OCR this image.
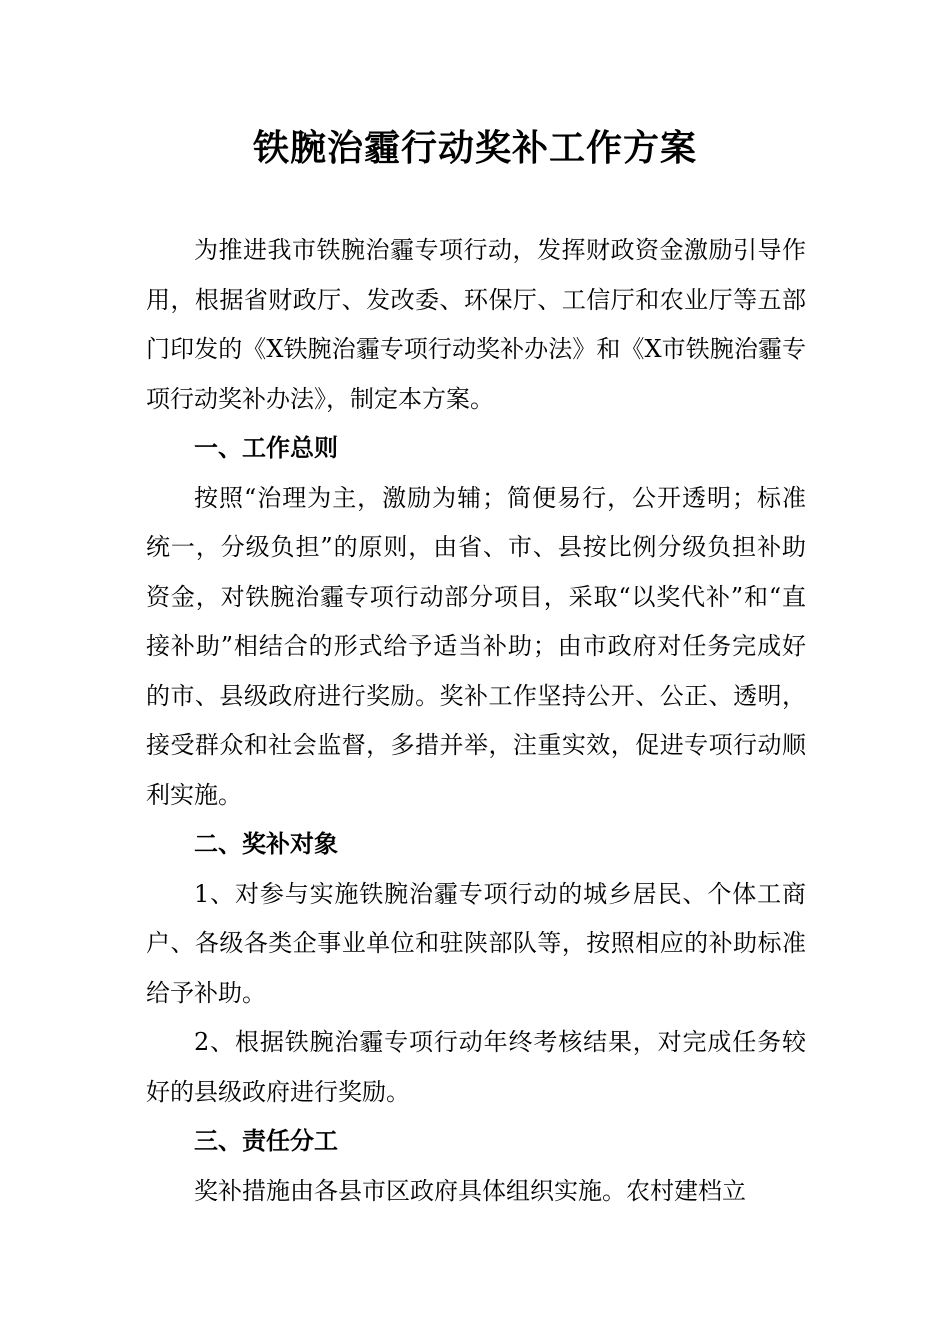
铁腕治霾行动奖补工作方案

为推进我市铁腕治霾专项行动，发挥财政资金激励引导作用，根据省财政厅、发改委、环保厅、工信厅和农业厅等五部门印发的《X铁腕治霾专项行动奖补办法》和《X市铁腕治霾专项行动奖补办法》，制定本方案。

一、工作总则

按照“治理为主，激励为辅；简便易行，公开透明；标准统一，分级负担”的原则，由省、市、县按比例分级负担补助资金，对铁腕治霾专项行动部分项目，采取“以奖代补”和“直接补助”相结合的形式给予适当补助；由市政府对任务完成好的市、县级政府进行奖励。奖补工作坚持公开、公正、透明，接受群众和社会监督，多措并举，注重实效，促进专项行动顺利实施。

二、奖补对象

1、对参与实施铁腕治霾专项行动的城乡居民、个体工商户、各级各类企事业单位和驻陕部队等，按照相应的补助标准给予补助。

2、根据铁腕治霾专项行动年终考核结果，对完成任务较好的县级政府进行奖励。

三、责任分工

奖补措施由各县市区政府具体组织实施。农村建档立
